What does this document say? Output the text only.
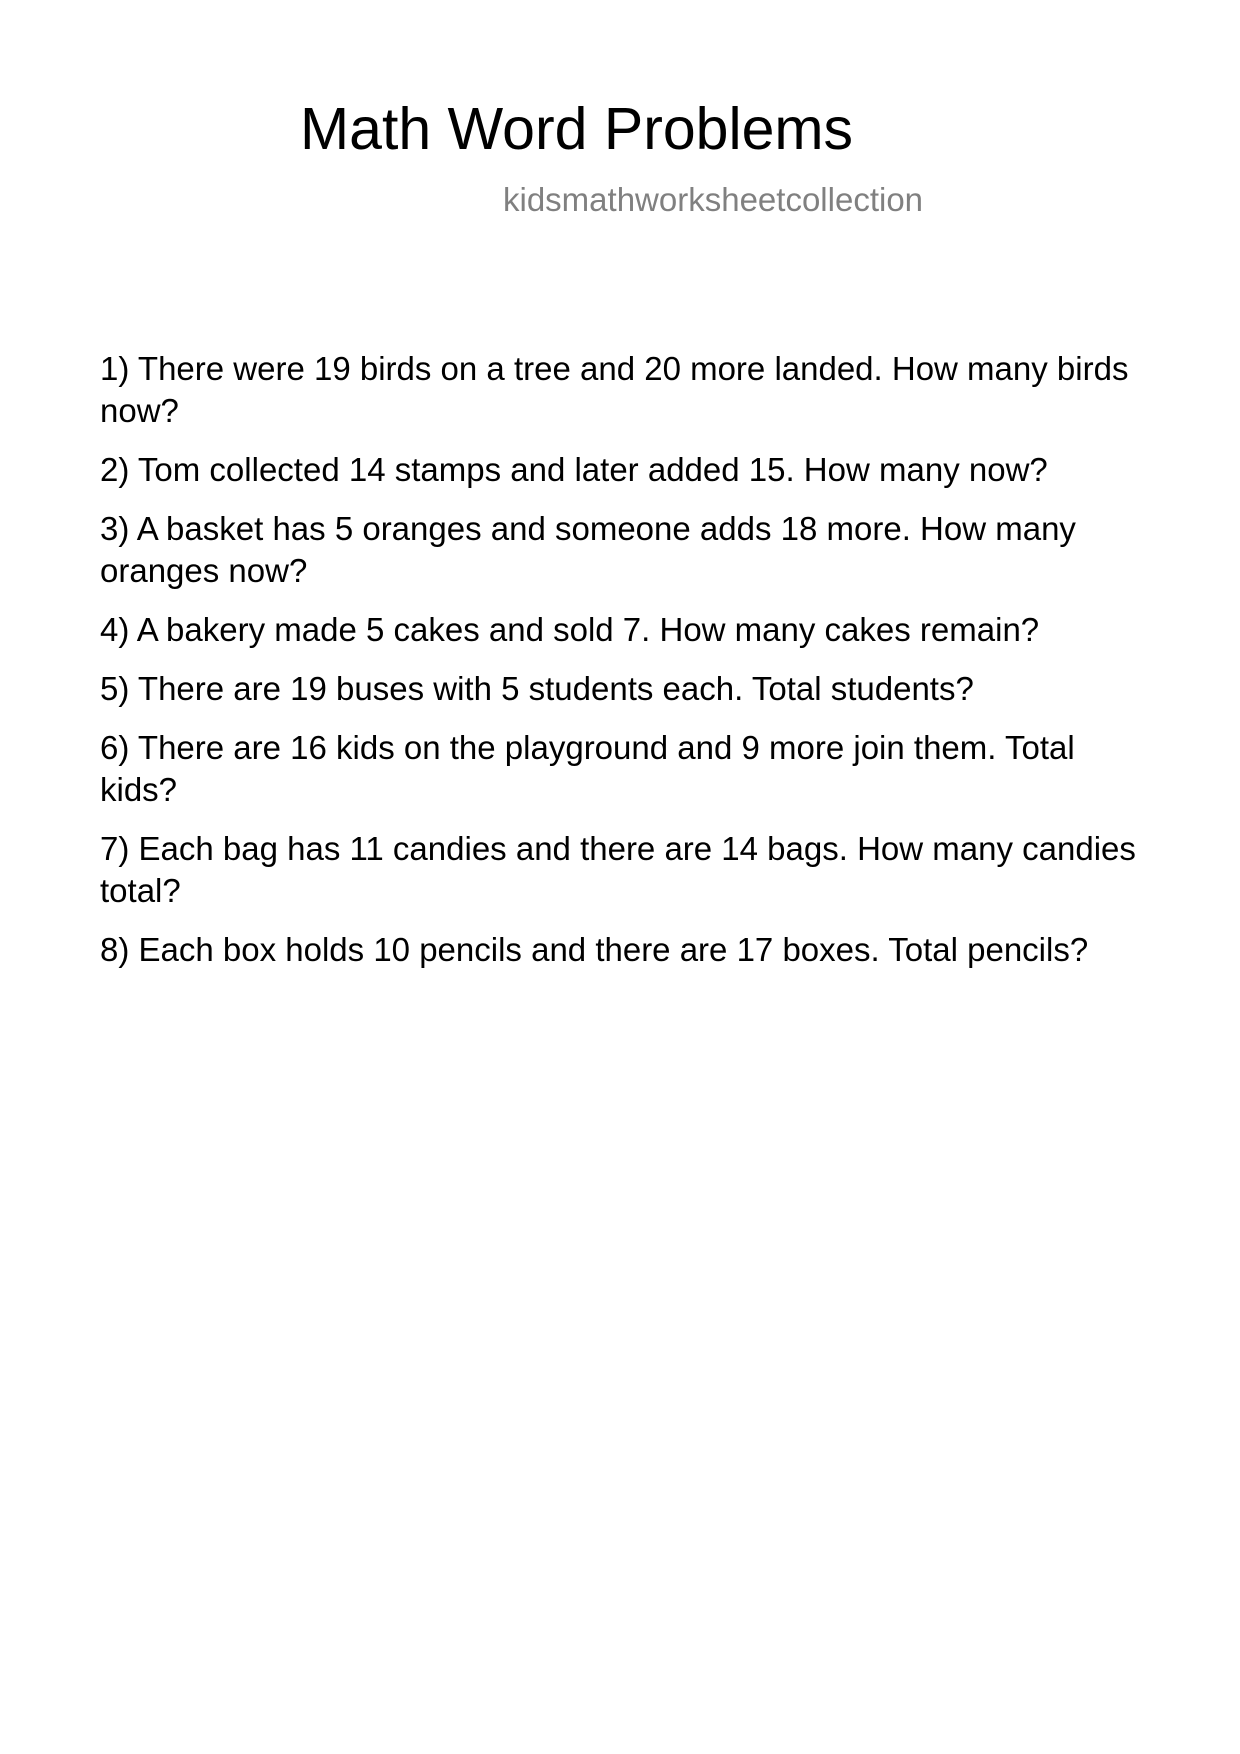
Math Word Problems
kidsmathworksheetcollection
1) There were 19 birds on a tree and 20 more landed. How many birds now?
2) Tom collected 14 stamps and later added 15. How many now?
3) A basket has 5 oranges and someone adds 18 more. How many oranges now?
4) A bakery made 5 cakes and sold 7. How many cakes remain?
5) There are 19 buses with 5 students each. Total students?
6) There are 16 kids on the playground and 9 more join them. Total kids?
7) Each bag has 11 candies and there are 14 bags. How many candies total?
8) Each box holds 10 pencils and there are 17 boxes. Total pencils?
